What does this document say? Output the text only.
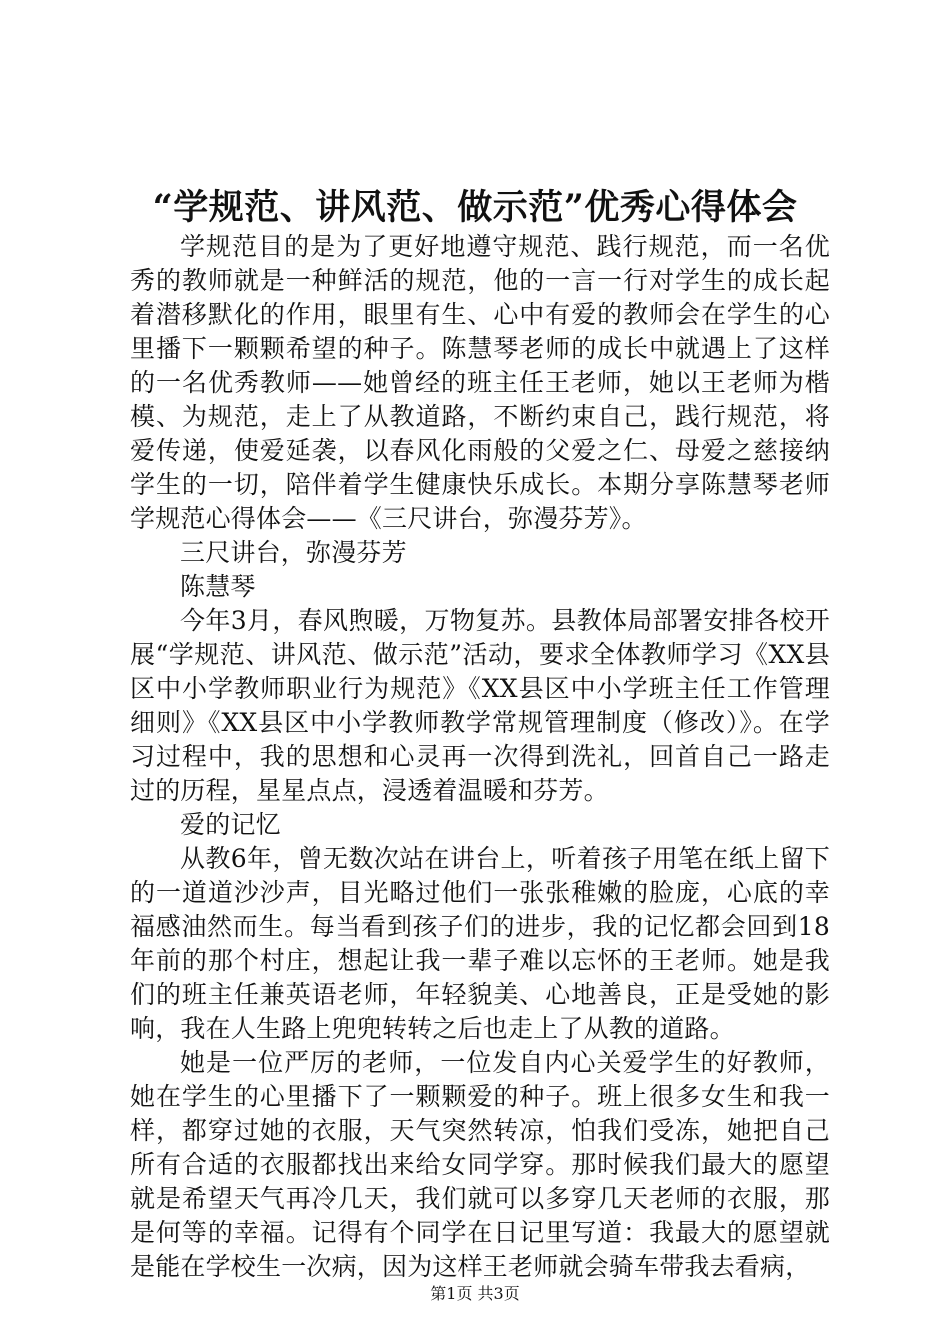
“学规范、讲风范、做示范”优秀心得体会

学规范目的是为了更好地遵守规范、践行规范，而一名优秀的教师就是一种鲜活的规范，他的一言一行对学生的成长起着潜移默化的作用，眼里有生、心中有爱的教师会在学生的心里播下一颗颗希望的种子。陈慧琴老师的成长中就遇上了这样的一名优秀教师——她曾经的班主任王老师，她以王老师为楷模、为规范，走上了从教道路，不断约束自己，践行规范，将爱传递，使爱延袭，以春风化雨般的父爱之仁、母爱之慈接纳学生的一切，陪伴着学生健康快乐成长。本期分享陈慧琴老师学规范心得体会——《三尺讲台，弥漫芬芳》。

三尺讲台，弥漫芬芳

陈慧琴

今年3月，春风煦暖，万物复苏。县教体局部署安排各校开展“学规范、讲风范、做示范”活动，要求全体教师学习《XX县区中小学教师职业行为规范》《XX县区中小学班主任工作管理细则》《XX县区中小学教师教学常规管理制度（修改）》。在学习过程中，我的思想和心灵再一次得到洗礼，回首自己一路走过的历程，星星点点，浸透着温暖和芬芳。

爱的记忆

从教6年，曾无数次站在讲台上，听着孩子用笔在纸上留下的一道道沙沙声，目光略过他们一张张稚嫩的脸庞，心底的幸福感油然而生。每当看到孩子们的进步，我的记忆都会回到18年前的那个村庄，想起让我一辈子难以忘怀的王老师。她是我们的班主任兼英语老师，年轻貌美、心地善良，正是受她的影响，我在人生路上兜兜转转之后也走上了从教的道路。

她是一位严厉的老师，一位发自内心关爱学生的好教师，她在学生的心里播下了一颗颗爱的种子。班上很多女生和我一样，都穿过她的衣服，天气突然转凉，怕我们受冻，她把自己所有合适的衣服都找出来给女同学穿。那时候我们最大的愿望就是希望天气再冷几天，我们就可以多穿几天老师的衣服，那是何等的幸福。记得有个同学在日记里写道：我最大的愿望就是能在学校生一次病，因为这样王老师就会骑车带我去看病，

第1页 共3页
